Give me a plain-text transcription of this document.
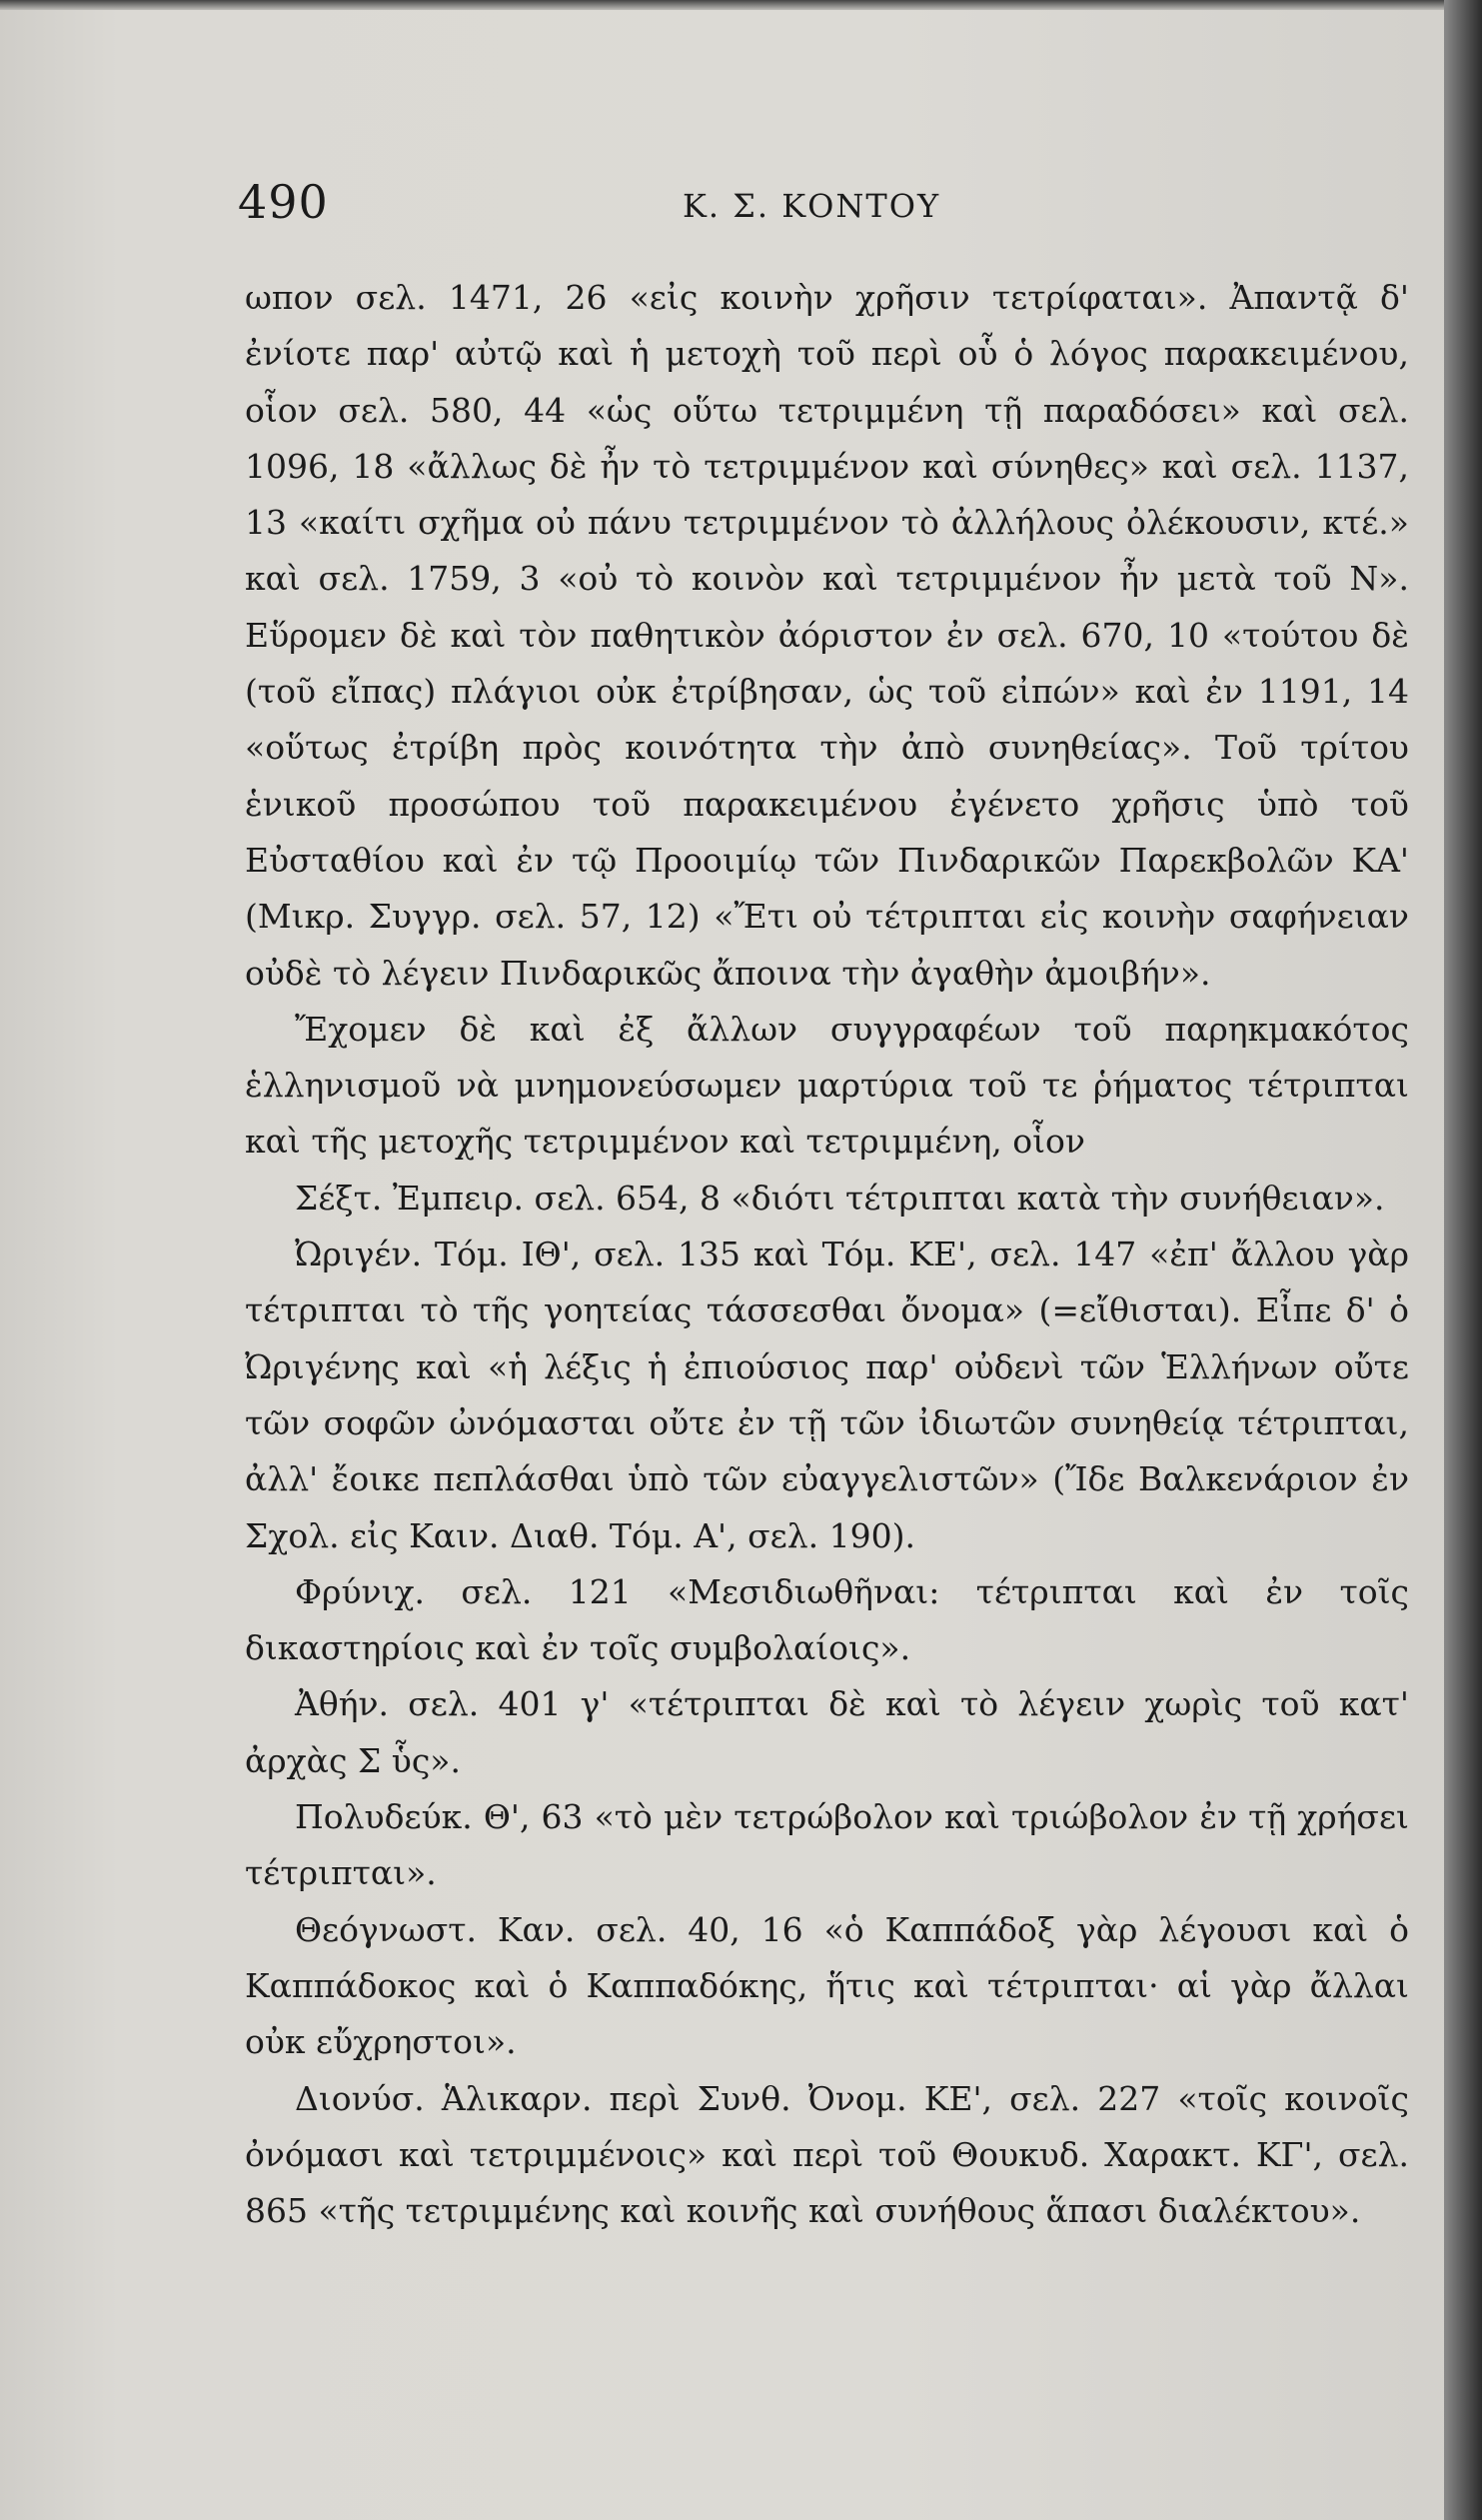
490	Κ. Σ. ΚΟΝΤΟΥ

ωπον σελ. 1471, 26 «εἰς κοινὴν χρῆσιν τετρίφαται». Ἀπαντᾷ δ' ἐνίοτε παρ' αὐτῷ καὶ ἡ μετοχὴ τοῦ περὶ οὗ ὁ λόγος παρακειμένου, οἷον σελ. 580, 44 «ὡς οὕτω τετριμμένη τῇ παραδόσει» καὶ σελ. 1096, 18 «ἄλλως δὲ ἦν τὸ τετριμμένον καὶ σύνηθες» καὶ σελ. 1137, 13 «καίτι σχῆμα οὐ πάνυ τετριμμένον τὸ ἀλλήλους ὀλέκουσιν, κτέ.» καὶ σελ. 1759, 3 «οὐ τὸ κοινὸν καὶ τετριμμένον ἦν μετὰ τοῦ Ν». Εὕρομεν δὲ καὶ τὸν παθητικὸν ἀόριστον ἐν σελ. 670, 10 «τούτου δὲ (τοῦ εἴπας) πλάγιοι οὐκ ἐτρίβησαν, ὡς τοῦ εἰπών» καὶ ἐν 1191, 14 «οὕτως ἐτρίβη πρὸς κοινότητα τὴν ἀπὸ συνηθείας». Τοῦ τρίτου ἑνικοῦ προσώπου τοῦ παρακειμένου ἐγένετο χρῆσις ὑπὸ τοῦ Εὐσταθίου καὶ ἐν τῷ Προοιμίῳ τῶν Πινδαρικῶν Παρεκβολῶν ΚΑ' (Μικρ. Συγγρ. σελ. 57, 12) «Ἔτι οὐ τέτριπται εἰς κοινὴν σαφήνειαν οὐδὲ τὸ λέγειν Πινδαρικῶς ἄποινα τὴν ἀγαθὴν ἀμοιβήν».

Ἔχομεν δὲ καὶ ἐξ ἄλλων συγγραφέων τοῦ παρηκμακότος ἑλληνισμοῦ νὰ μνημονεύσωμεν μαρτύρια τοῦ τε ῥήματος τέτριπται καὶ τῆς μετοχῆς τετριμμένον καὶ τετριμμένη, οἷον

Σέξτ. Ἐμπειρ. σελ. 654, 8 «διότι τέτριπται κατὰ τὴν συνήθειαν».

Ὠριγέν. Τόμ. ΙΘ', σελ. 135 καὶ Τόμ. ΚΕ', σελ. 147 «ἐπ' ἄλλου γὰρ τέτριπται τὸ τῆς γοητείας τάσσεσθαι ὄνομα» (=εἴθισται). Εἶπε δ' ὁ Ὠριγένης καὶ «ἡ λέξις ἡ ἐπιούσιος παρ' οὐδενὶ τῶν Ἑλλήνων οὔτε τῶν σοφῶν ὠνόμασται οὔτε ἐν τῇ τῶν ἰδιωτῶν συνηθείᾳ τέτριπται, ἀλλ' ἔοικε πεπλάσθαι ὑπὸ τῶν εὐαγγελιστῶν» (Ἴδε Βαλκενάριον ἐν Σχολ. εἰς Καιν. Διαθ. Τόμ. Α', σελ. 190).

Φρύνιχ. σελ. 121 «Μεσιδιωθῆναι: τέτριπται καὶ ἐν τοῖς δικαστηρίοις καὶ ἐν τοῖς συμβολαίοις».

Ἀθήν. σελ. 401 γ' «τέτριπται δὲ καὶ τὸ λέγειν χωρὶς τοῦ κατ' ἀρχὰς Σ ὗς».

Πολυδεύκ. Θ', 63 «τὸ μὲν τετρώβολον καὶ τριώβολον ἐν τῇ χρήσει τέτριπται».

Θεόγνωστ. Καν. σελ. 40, 16 «ὁ Καππάδοξ γὰρ λέγουσι καὶ ὁ Καππάδοκος καὶ ὁ Καππαδόκης, ἥτις καὶ τέτριπται· αἱ γὰρ ἄλλαι οὐκ εὔχρηστοι».

Διονύσ. Ἁλικαρν. περὶ Συνθ. Ὀνομ. ΚΕ', σελ. 227 «τοῖς κοινοῖς ὀνόμασι καὶ τετριμμένοις» καὶ περὶ τοῦ Θουκυδ. Χαρακτ. ΚΓ', σελ. 865 «τῆς τετριμμένης καὶ κοινῆς καὶ συνήθους ἅπασι διαλέκτου».
